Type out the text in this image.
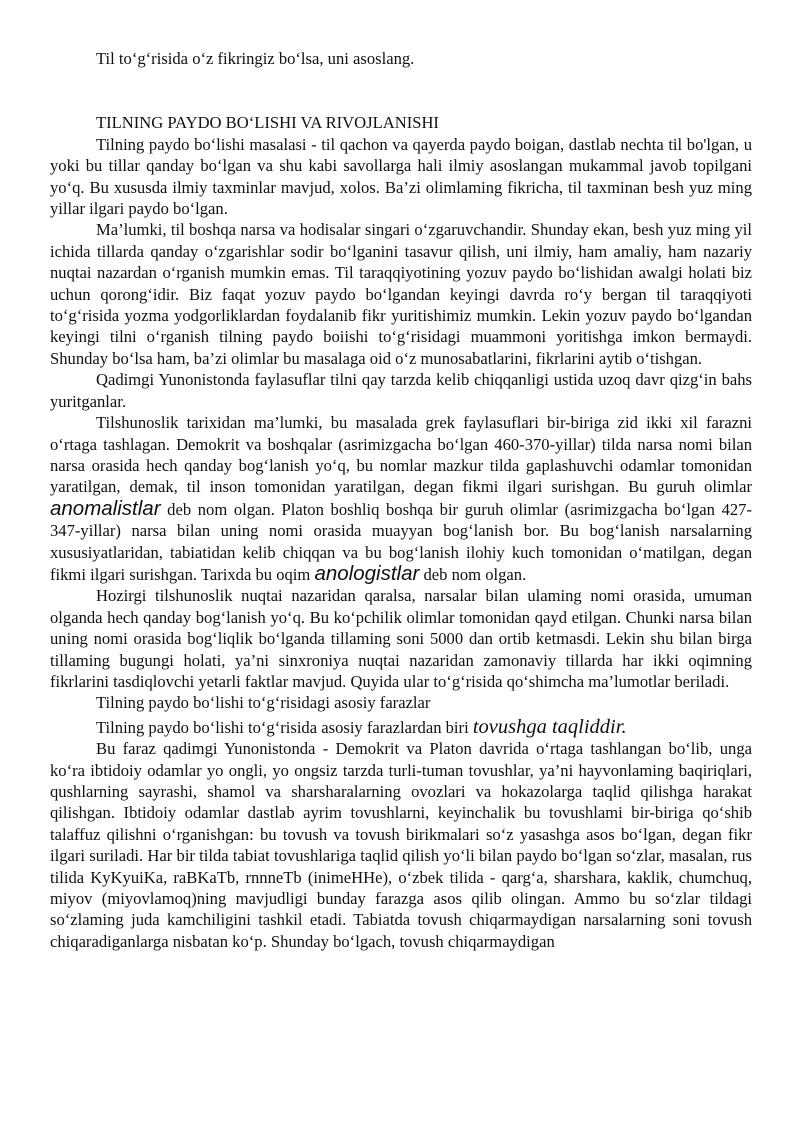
Til to‘g‘risida o‘z fikringiz bo‘lsa, uni asoslang.

TILNING PAYDO BO‘LISHI VA RIVOJLANISHI

Tilning paydo bo‘lishi masalasi - til qachon va qayerda paydo boigan, dastlab nechta til bo'lgan, u yoki bu tillar qanday bo‘lgan va shu kabi savollarga hali ilmiy asoslangan mukammal javob topilgani yo‘q. Bu xususda ilmiy taxminlar mavjud, xolos. Ba’zi olimlaming fikricha, til taxminan besh yuz ming yillar ilgari paydo bo‘lgan.

Ma’lumki, til boshqa narsa va hodisalar singari o‘zgaruvchandir. Shunday ekan, besh yuz ming yil ichida tillarda qanday o‘zgarishlar sodir bo‘lganini tasavur qilish, uni ilmiy, ham amaliy, ham nazariy nuqtai nazardan o‘rganish mumkin emas. Til taraqqiyotining yozuv paydo bo‘lishidan awalgi holati biz uchun qorong‘idir. Biz faqat yozuv paydo bo‘lgandan keyingi davrda ro‘y bergan til taraqqiyoti to‘g‘risida yozma yodgorliklardan foydalanib fikr yuritishimiz mumkin. Lekin yozuv paydo bo‘lgandan keyingi tilni o‘rganish tilning paydo boiishi to‘g‘risidagi muammoni yoritishga imkon bermaydi. Shunday bo‘lsa ham, ba’zi olimlar bu masalaga oid o‘z munosabatlarini, fikrlarini aytib o‘tishgan.

Qadimgi Yunonistonda faylasuflar tilni qay tarzda kelib chiqqanligi ustida uzoq davr qizg‘in bahs yuritganlar.

Tilshunoslik tarixidan ma’lumki, bu masalada grek faylasuflari bir-biriga zid ikki xil farazni o‘rtaga tashlagan. Demokrit va boshqalar (asrimizgacha bo‘lgan 460-370-yillar) tilda narsa nomi bilan narsa orasida hech qanday bog‘lanish yo‘q, bu nomlar mazkur tilda gaplashuvchi odamlar tomonidan yaratilgan, demak, til inson tomonidan yaratilgan, degan fikmi ilgari surishgan. Bu guruh olimlar anomalistlar deb nom olgan. Platon boshliq boshqa bir guruh olimlar (asrimizgacha bo‘lgan 427-347-yillar) narsa bilan uning nomi orasida muayyan bog‘lanish bor. Bu bog‘lanish narsalarning xususiyatlaridan, tabiatidan kelib chiqqan va bu bog‘lanish ilohiy kuch tomonidan o‘matilgan, degan fikmi ilgari surishgan. Tarixda bu oqim anologistlar deb nom olgan.

Hozirgi tilshunoslik nuqtai nazaridan qaralsa, narsalar bilan ulaming nomi orasida, umuman olganda hech qanday bog‘lanish yo‘q. Bu ko‘pchilik olimlar tomonidan qayd etilgan. Chunki narsa bilan uning nomi orasida bog‘liqlik bo‘lganda tillaming soni 5000 dan ortib ketmasdi. Lekin shu bilan birga tillaming bugungi holati, ya’ni sinxroniya nuqtai nazaridan zamonaviy tillarda har ikki oqimning fikrlarini tasdiqlovchi yetarli faktlar mavjud. Quyida ular to‘g‘risida qo‘shimcha ma’lumotlar beriladi.

Tilning paydo bo‘lishi to‘g‘risidagi asosiy farazlar

Tilning paydo bo‘lishi to‘g‘risida asosiy farazlardan biri tovushga taqliddir.

Bu faraz qadimgi Yunonistonda - Demokrit va Platon davrida o‘rtaga tashlangan bo‘lib, unga ko‘ra ibtidoiy odamlar yo ongli, yo ongsiz tarzda turli-tuman tovushlar, ya’ni hayvonlaming baqiriqlari, qushlarning sayrashi, shamol va sharsharalarning ovozlari va hokazolarga taqlid qilishga harakat qilishgan. Ibtidoiy odamlar dastlab ayrim tovushlarni, keyinchalik bu tovushlami bir-biriga qo‘shib talaffuz qilishni o‘rganishgan: bu tovush va tovush birikmalari so‘z yasashga asos bo‘lgan, degan fikr ilgari suriladi. Har bir tilda tabiat tovushlariga taqlid qilish yo‘li bilan paydo bo‘lgan so‘zlar, masalan, rus tilida KyKyuiKa, raBKaTb, rnnneTb (inimeHHe), o‘zbek tilida - qarg‘a, sharshara, kaklik, chumchuq, miyov (miyovlamoq)ning mavjudligi bunday farazga asos qilib olingan. Ammo bu so‘zlar tildagi so‘zlaming juda kamchiligini tashkil etadi. Tabiatda tovush chiqarmaydigan narsalarning soni tovush chiqaradiganlarga nisbatan ko‘p. Shunday bo‘lgach, tovush chiqarmaydigan
